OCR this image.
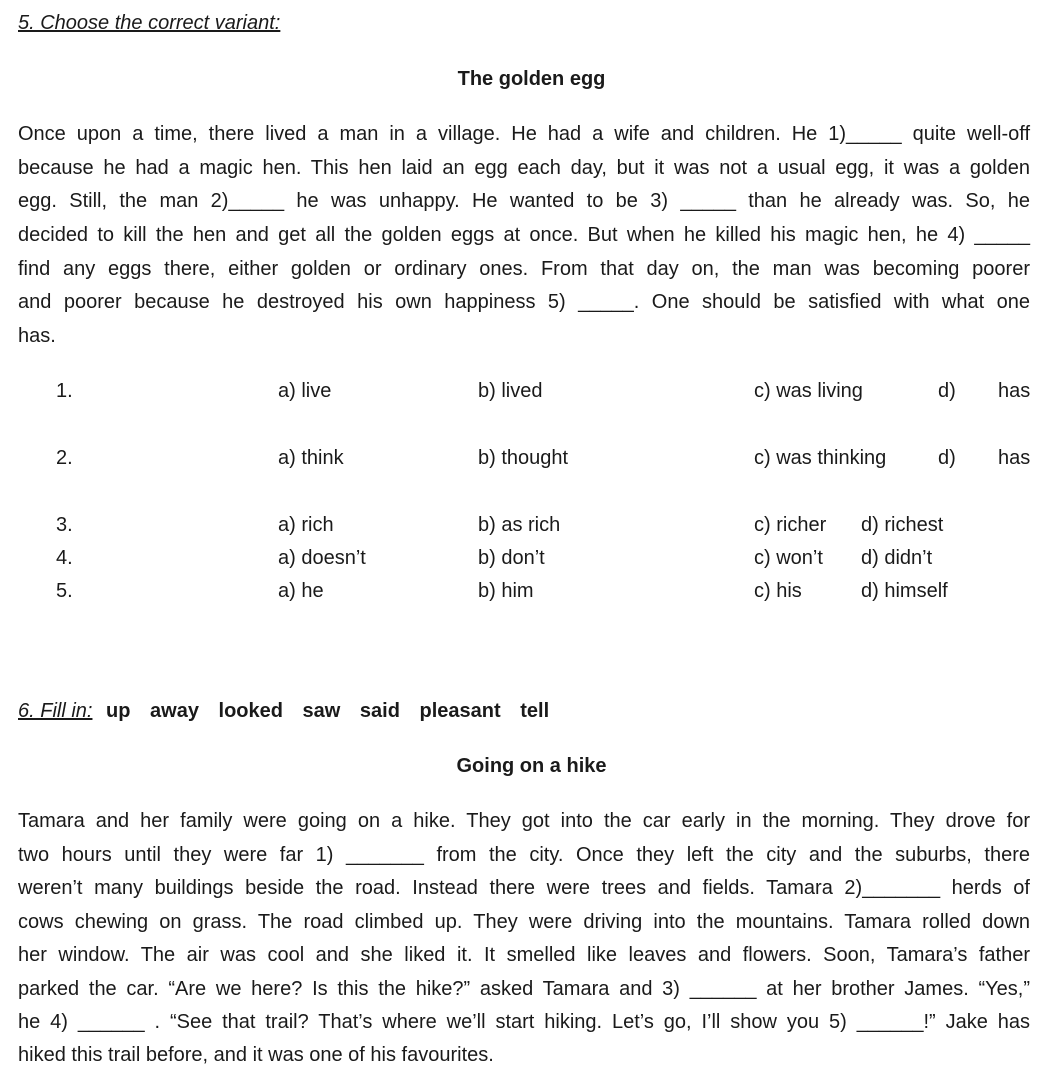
5. Choose the correct variant:
The golden egg
Once upon a time, there lived a man in a village. He had a wife and children. He 1)_____ quite well-off
because he had a magic hen. This hen laid an egg each day, but it was not a usual egg, it was a golden
egg. Still, the man 2)_____ he was unhappy. He wanted to be 3) _____ than he already was. So, he
decided to kill the hen and get all the golden eggs at once. But when he killed his magic hen, he 4) _____
find any eggs there, either golden or ordinary ones. From that day on, the man was becoming poorer
and poorer because he destroyed his own happiness 5) _____. One should be satisfied with what one
has.
1.	a) live	b) lived	c) was living	d) has
2.	a) think	b) thought	c) was thinking	d) has
3.	a) rich	b) as rich	c) richer d) richest
4.	a) doesn’t	b) don’t	c) won’t d) didn’t
5.	a) he	b) him	c) his	d) himself
6. Fill in: up away looked saw said pleasant tell
Going on a hike
Tamara and her family were going on a hike. They got into the car early in the morning. They drove for
two hours until they were far 1) _______ from the city. Once they left the city and the suburbs, there
weren’t many buildings beside the road. Instead there were trees and fields. Tamara 2)_______ herds of
cows chewing on grass. The road climbed up. They were driving into the mountains. Tamara rolled down
her window. The air was cool and she liked it. It smelled like leaves and flowers. Soon, Tamara’s father
parked the car. “Are we here? Is this the hike?” asked Tamara and 3) ______ at her brother James. “Yes,”
he 4) ______ . “See that trail? That’s where we’ll start hiking. Let’s go, I’ll show you 5) ______!” Jake has
hiked this trail before, and it was one of his favourites.
